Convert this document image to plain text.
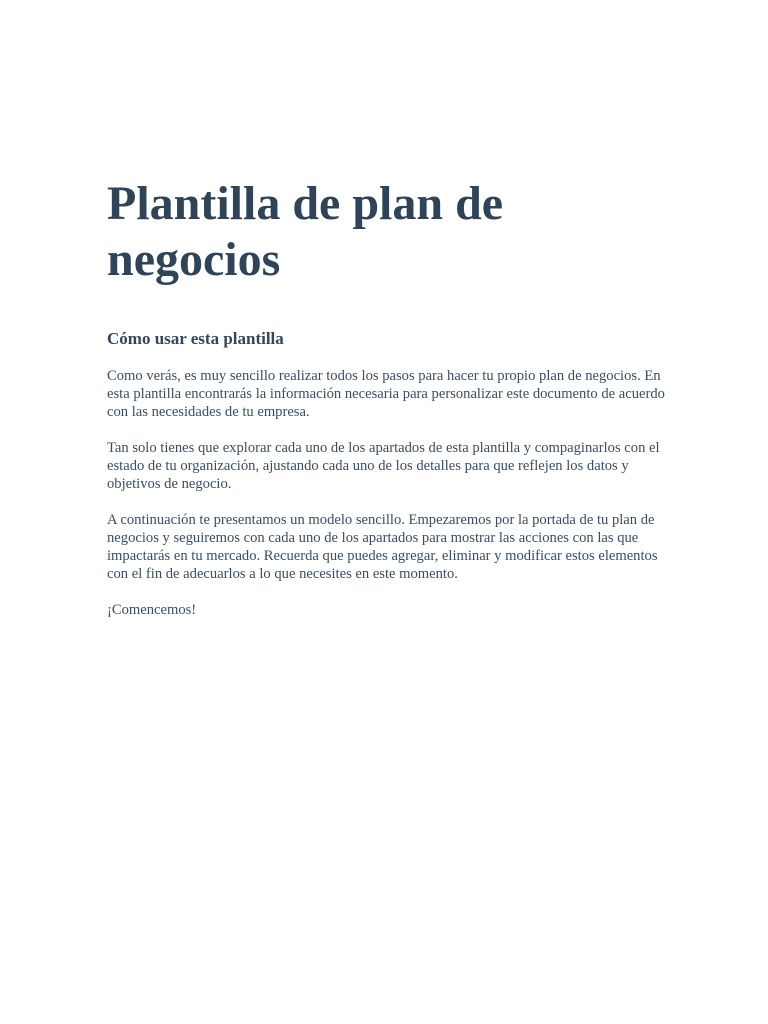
Plantilla de plan de negocios
Cómo usar esta plantilla

Como verás, es muy sencillo realizar todos los pasos para hacer tu propio plan de negocios. En esta plantilla encontrarás la información necesaria para personalizar este documento de acuerdo con las necesidades de tu empresa.

Tan solo tienes que explorar cada uno de los apartados de esta plantilla y compaginarlos con el estado de tu organización, ajustando cada uno de los detalles para que reflejen los datos y objetivos de negocio.

A continuación te presentamos un modelo sencillo. Empezaremos por la portada de tu plan de negocios y seguiremos con cada uno de los apartados para mostrar las acciones con las que impactarás en tu mercado. Recuerda que puedes agregar, eliminar y modificar estos elementos con el fin de adecuarlos a lo que necesites en este momento.

¡Comencemos!
